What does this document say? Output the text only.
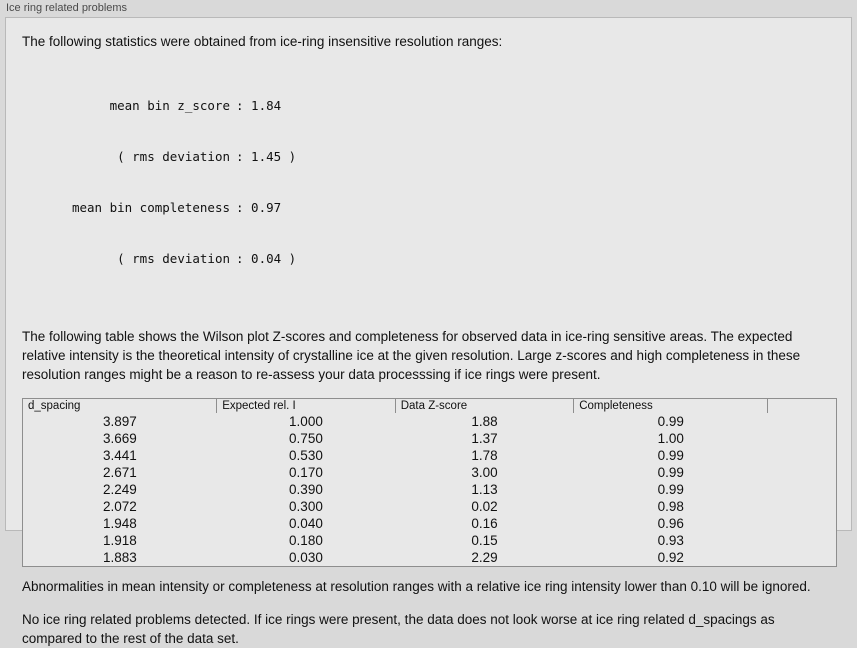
Ice ring related problems

The following statistics were obtained from ice-ring insensitive resolution ranges:

mean bin z_score : 1.84

( rms deviation : 1.45 )

mean bin completeness : 0.97

( rms deviation : 0.04 )

The following table shows the Wilson plot Z-scores and completeness for observed data in ice-ring sensitive areas. The expected relative intensity is the theoretical intensity of crystalline ice at the given resolution. Large z-scores and high completeness in these resolution ranges might be a reason to re-assess your data processsing if ice rings were present.

d_spacing	Expected rel. I	Data Z-score	Completeness	
3.897	1.000	1.88	0.99	
3.669	0.750	1.37	1.00	
3.441	0.530	1.78	0.99	
2.671	0.170	3.00	0.99	
2.249	0.390	1.13	0.99	
2.072	0.300	0.02	0.98	
1.948	0.040	0.16	0.96	
1.918	0.180	0.15	0.93	
1.883	0.030	2.29	0.92	

Abnormalities in mean intensity or completeness at resolution ranges with a relative ice ring intensity lower than 0.10 will be ignored.

No ice ring related problems detected. If ice rings were present, the data does not look worse at ice ring related d_spacings as compared to the rest of the data set.
